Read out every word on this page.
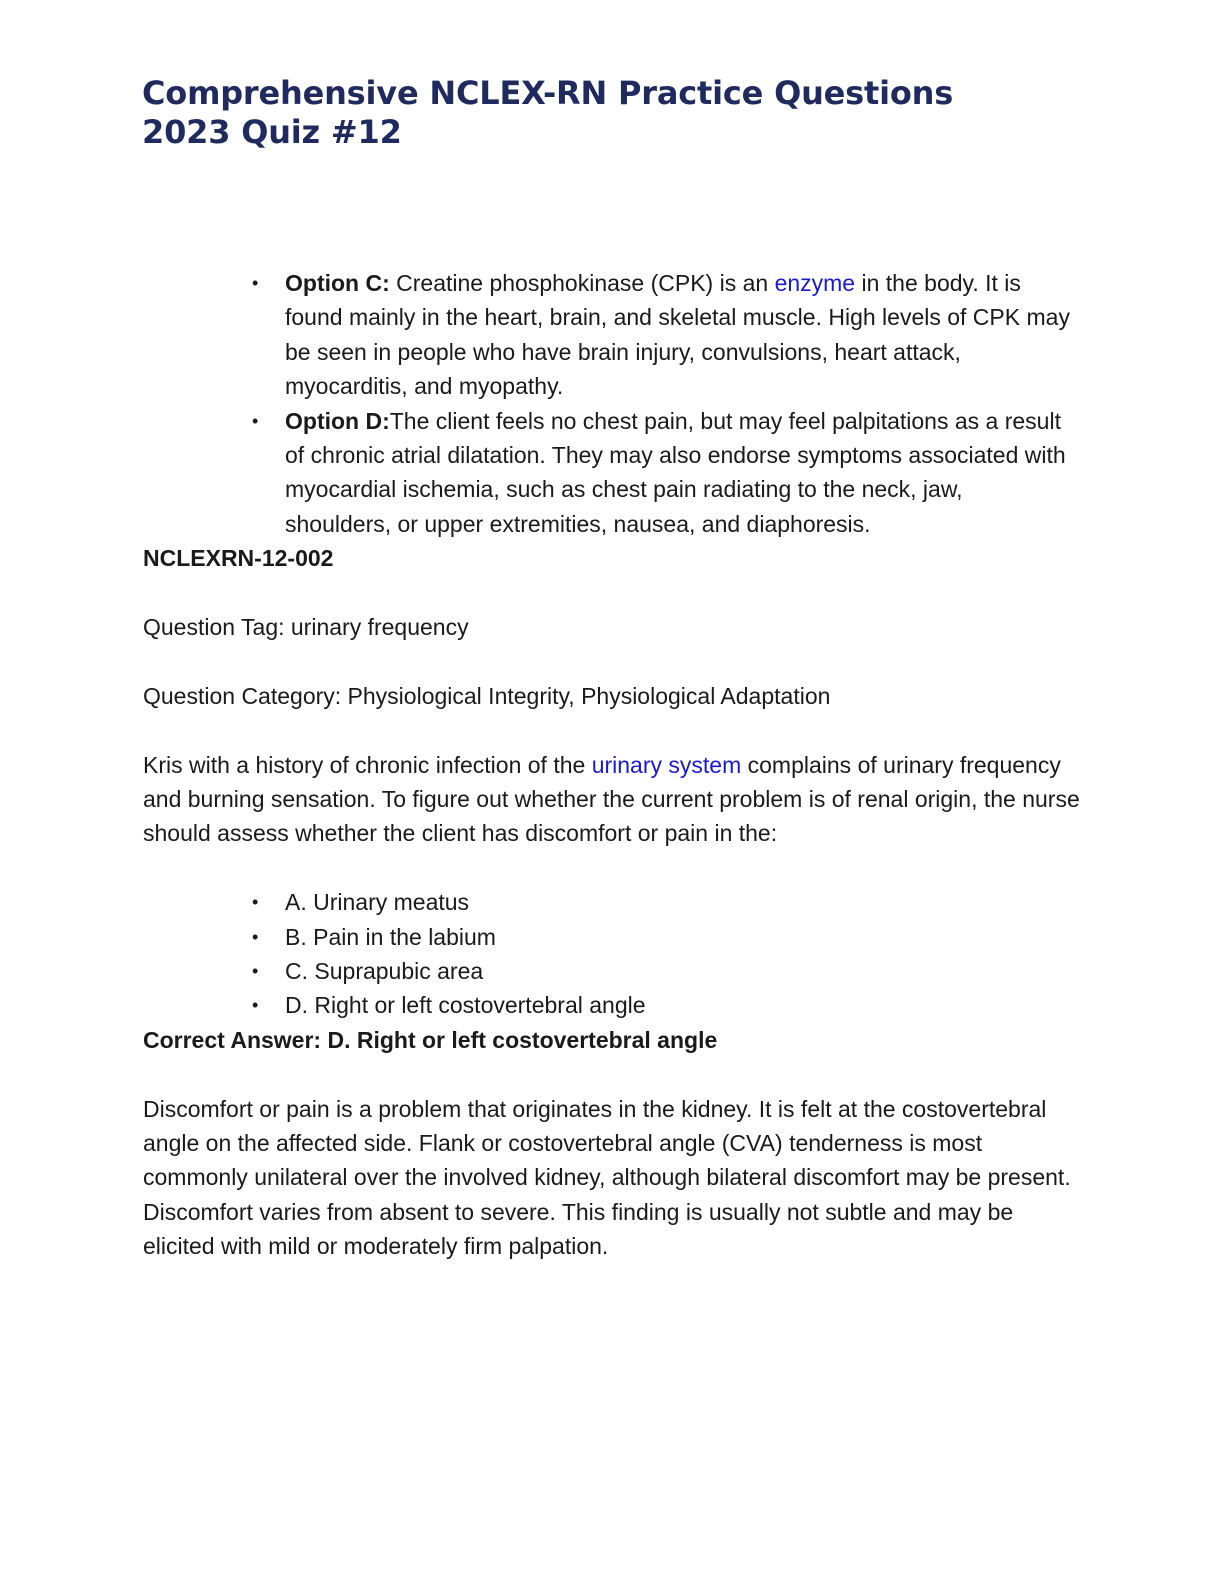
Comprehensive NCLEX-RN Practice Questions
2023 Quiz #12
• Option C: Creatine phosphokinase (CPK) is an enzyme in the body. It is found mainly in the heart, brain, and skeletal muscle. High levels of CPK may be seen in people who have brain injury, convulsions, heart attack, myocarditis, and myopathy.
• Option D:The client feels no chest pain, but may feel palpitations as a result of chronic atrial dilatation. They may also endorse symptoms associated with myocardial ischemia, such as chest pain radiating to the neck, jaw, shoulders, or upper extremities, nausea, and diaphoresis.

NCLEXRN-12-002

Question Tag: urinary frequency

Question Category: Physiological Integrity, Physiological Adaptation

Kris with a history of chronic infection of the urinary system complains of urinary frequency and burning sensation. To figure out whether the current problem is of renal origin, the nurse should assess whether the client has discomfort or pain in the:

• A. Urinary meatus
• B. Pain in the labium
• C. Suprapubic area
• D. Right or left costovertebral angle

Correct Answer: D. Right or left costovertebral angle

Discomfort or pain is a problem that originates in the kidney. It is felt at the costovertebral angle on the affected side. Flank or costovertebral angle (CVA) tenderness is most commonly unilateral over the involved kidney, although bilateral discomfort may be present. Discomfort varies from absent to severe. This finding is usually not subtle and may be elicited with mild or moderately firm palpation.
